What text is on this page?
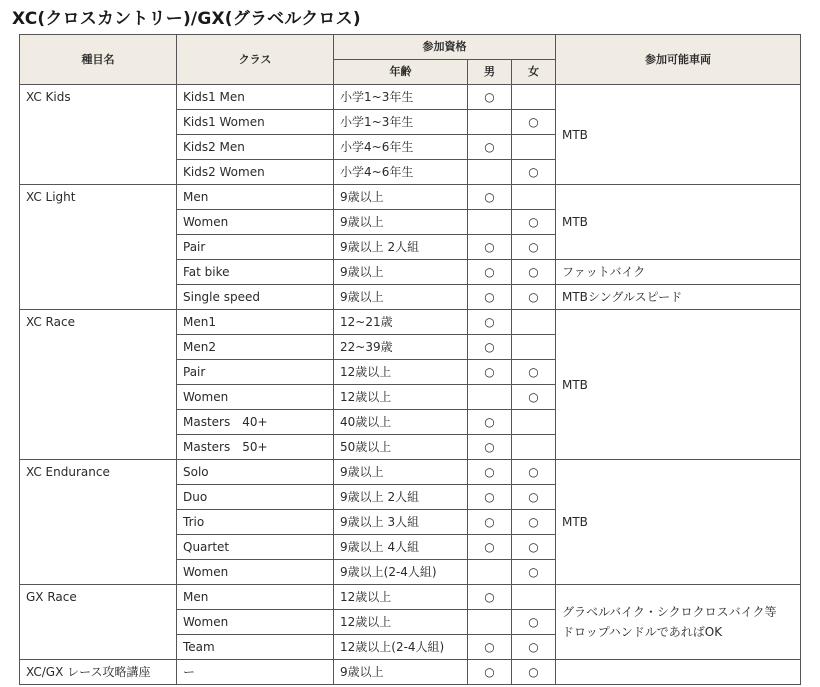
XC(クロスカントリー)/GX(グラベルクロス)
種目名	クラス	参加資格			参加可能車両
		年齢	男	女	
XC Kids	Kids1 Men	小学1~3年生	○		MTB
	Kids1 Women	小学1~3年生		○	
	Kids2 Men	小学4~6年生	○		
	Kids2 Women	小学4~6年生		○	
XC Light	Men	9歳以上	○		MTB
	Women	9歳以上		○	
	Pair	9歳以上 2人組	○	○	
	Fat bike	9歳以上	○	○	ファットバイク
	Single speed	9歳以上	○	○	MTBシングルスピード
XC Race	Men1	12~21歳	○		MTB
	Men2	22~39歳	○		
	Pair	12歳以上	○	○	
	Women	12歳以上		○	
	Masters　40+	40歳以上	○		
	Masters　50+	50歳以上	○		
XC Endurance	Solo	9歳以上	○	○	MTB
	Duo	9歳以上 2人組	○	○	
	Trio	9歳以上 3人組	○	○	
	Quartet	9歳以上 4人組	○	○	
	Women	9歳以上(2-4人組)		○	
GX Race	Men	12歳以上	○		グラベルバイク・シクロクロスバイク等
ドロップハンドルであればOK

	Women	12歳以上		○	
	Team	12歳以上(2-4人組)	○	○	
XC/GX レース攻略講座	ー	9歳以上	○	○	
